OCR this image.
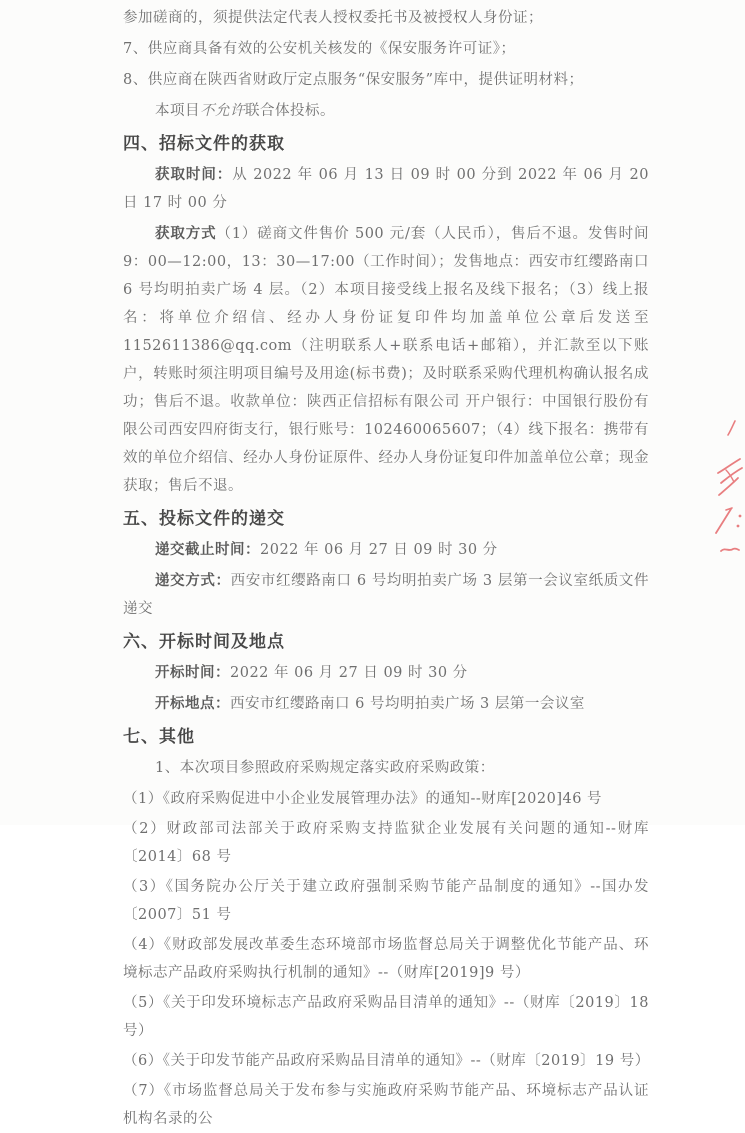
参加磋商的，须提供法定代表人授权委托书及被授权人身份证；

7、供应商具备有效的公安机关核发的《保安服务许可证》；

8、供应商在陕西省财政厅定点服务“保安服务”库中，提供证明材料；

本项目不允许联合体投标。

四、招标文件的获取

获取时间：从 2022 年 06 月 13 日 09 时 00 分到 2022 年 06 月 20 日 17 时 00 分

获取方式（1）磋商文件售价 500 元/套（人民币），售后不退。发售时间 9：00—12:00，13：30—17:00（工作时间）；发售地点：西安市红缨路南口 6 号均明拍卖广场 4 层。（2）本项目接受线上报名及线下报名；（3）线上报名：将单位介绍信、经办人身份证复印件均加盖单位公章后发送至 1152611386@qq.com（注明联系人+联系电话+邮箱），并汇款至以下账户，转账时须注明项目编号及用途(标书费)；及时联系采购代理机构确认报名成功；售后不退。收款单位：陕西正信招标有限公司 开户银行：中国银行股份有限公司西安四府街支行，银行账号：102460065607；（4）线下报名：携带有效的单位介绍信、经办人身份证原件、经办人身份证复印件加盖单位公章；现金获取；售后不退。

五、投标文件的递交

递交截止时间：2022 年 06 月 27 日 09 时 30 分

递交方式：西安市红缨路南口 6 号均明拍卖广场 3 层第一会议室纸质文件递交

六、开标时间及地点

开标时间：2022 年 06 月 27 日 09 时 30 分

开标地点：西安市红缨路南口 6 号均明拍卖广场 3 层第一会议室

七、其他

1、本次项目参照政府采购规定落实政府采购政策：

（1）《政府采购促进中小企业发展管理办法》的通知--财库[2020]46 号

（2）财政部司法部关于政府采购支持监狱企业发展有关问题的通知--财库〔2014〕68 号

（3）《国务院办公厅关于建立政府强制采购节能产品制度的通知》--国办发〔2007〕51 号

（4）《财政部发展改革委生态环境部市场监督总局关于调整优化节能产品、环境标志产品政府采购执行机制的通知》--（财库[2019]9 号）

（5）《关于印发环境标志产品政府采购品目清单的通知》--（财库〔2019〕18 号）

（6）《关于印发节能产品政府采购品目清单的通知》--（财库〔2019〕19 号）

（7）《市场监督总局关于发布参与实施政府采购节能产品、环境标志产品认证机构名录的公
